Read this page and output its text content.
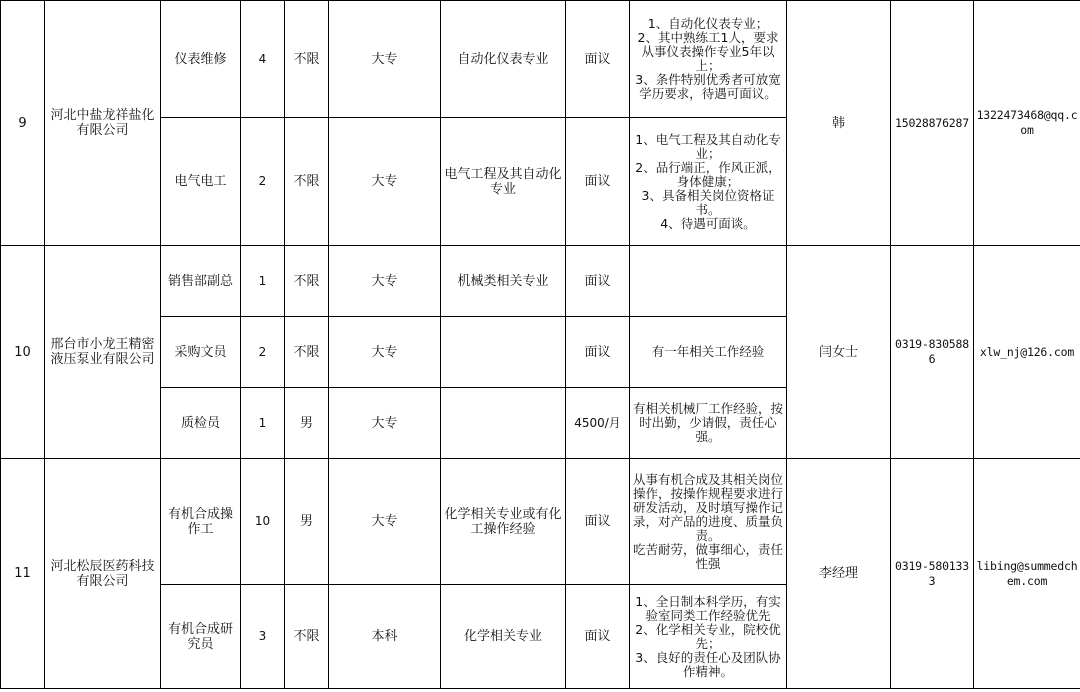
9	河北中盐龙祥盐化有限公司	仪表维修	4	不限	大专	自动化仪表专业	面议	1、自动化仪表专业；
2、其中熟练工1人，要求从事仪表操作专业5年以上；
3、条件特别优秀者可放宽学历要求，待遇可面议。	韩	15028876287	1322473468@qq.com
		电气电工	2	不限	大专	电气工程及其自动化专业	面议	1、电气工程及其自动化专业；
2、品行端正，作风正派，身体健康；
3、具备相关岗位资格证书。
4、待遇可面谈。			

10	邢台市小龙王精密液压泵业有限公司	销售部副总	1	不限	大专	机械类相关专业	面议		闫女士	0319-8305886	xlw_nj@126.com
		采购文员	2	不限	大专		面议	有一年相关工作经验			

		质检员	1	男	大专		4500/月	有相关机械厂工作经验，按时出勤，少请假，责任心强。			

11	河北松辰医药科技有限公司	有机合成操作工	10	男	大专	化学相关专业或有化工操作经验	面议	从事有机合成及其相关岗位操作，按操作规程要求进行研发活动，及时填写操作记录，对产品的进度、质量负责。
吃苦耐劳，做事细心，责任性强	李经理	0319-5801333	libing@summedchem.com
		有机合成研究员	3	不限	本科	化学相关专业	面议	1、全日制本科学历，有实验室同类工作经验优先
2、化学相关专业，院校优先；
3、良好的责任心及团队协作精神。			
